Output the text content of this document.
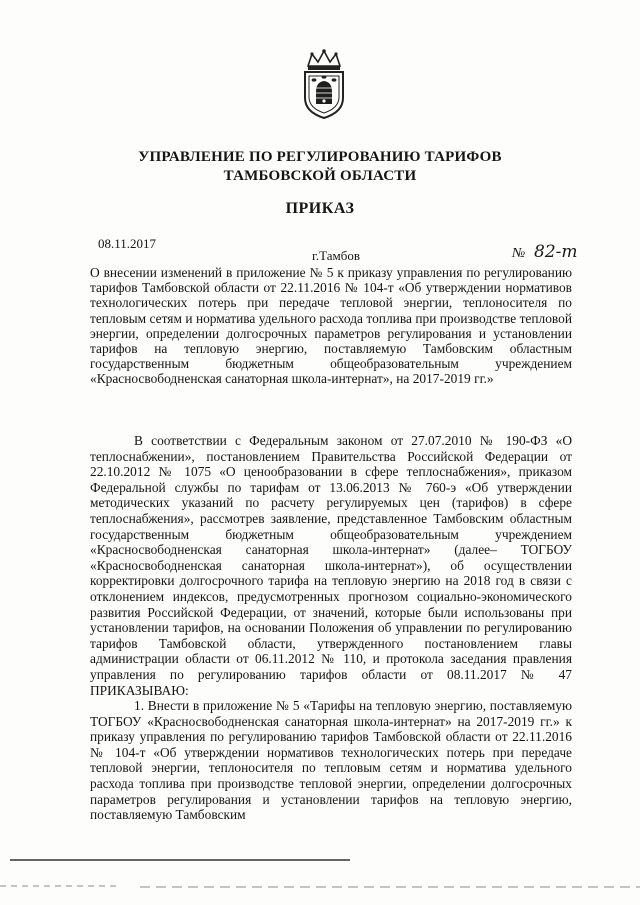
УПРАВЛЕНИЕ ПО РЕГУЛИРОВАНИЮ ТАРИФОВ
ТАМБОВСКОЙ ОБЛАСТИ
ПРИКАЗ
08.11.2017
г.Тамбов	№ 82-т
О внесении изменений в приложение № 5 к приказу управления по регулированию тарифов Тамбовской области от 22.11.2016 № 104-т «Об утверждении нормативов технологических потерь при передаче тепловой энергии, теплоносителя по тепловым сетям и норматива удельного расхода топлива при производстве тепловой энергии, определении долгосрочных параметров регулирования и установлении тарифов на тепловую энергию, поставляемую Тамбовским областным государственным бюджетным общеобразовательным учреждением «Красносвободненская санаторная школа-интернат», на 2017-2019 гг.»
В соответствии с Федеральным законом от 27.07.2010 № 190-ФЗ «О теплоснабжении», постановлением Правительства Российской Федерации от 22.10.2012 № 1075 «О ценообразовании в сфере теплоснабжения», приказом Федеральной службы по тарифам от 13.06.2013 № 760-э «Об утверждении методических указаний по расчету регулируемых цен (тарифов) в сфере теплоснабжения», рассмотрев заявление, представленное Тамбовским областным государственным бюджетным общеобразовательным учреждением «Красносвободненская санаторная школа-интернат» (далее– ТОГБОУ «Красносвободненская санаторная школа-интернат»), об осуществлении корректировки долгосрочного тарифа на тепловую энергию на 2018 год в связи с отклонением индексов, предусмотренных прогнозом социально-экономического развития Российской Федерации, от значений, которые были использованы при установлении тарифов, на основании Положения об управлении по регулированию тарифов Тамбовской области, утвержденного постановлением главы администрации области от 06.11.2012 № 110, и протокола заседания правления управления по регулированию тарифов области от 08.11.2017 № 47 ПРИКАЗЫВАЮ:
1. Внести в приложение № 5 «Тарифы на тепловую энергию, поставляемую ТОГБОУ «Красносвободненская санаторная школа-интернат» на 2017-2019 гг.» к приказу управления по регулированию тарифов Тамбовской области от 22.11.2016 № 104-т «Об утверждении нормативов технологических потерь при передаче тепловой энергии, теплоносителя по тепловым сетям и норматива удельного расхода топлива при производстве тепловой энергии, определении долгосрочных параметров регулирования и установлении тарифов на тепловую энергию, поставляемую Тамбовским
